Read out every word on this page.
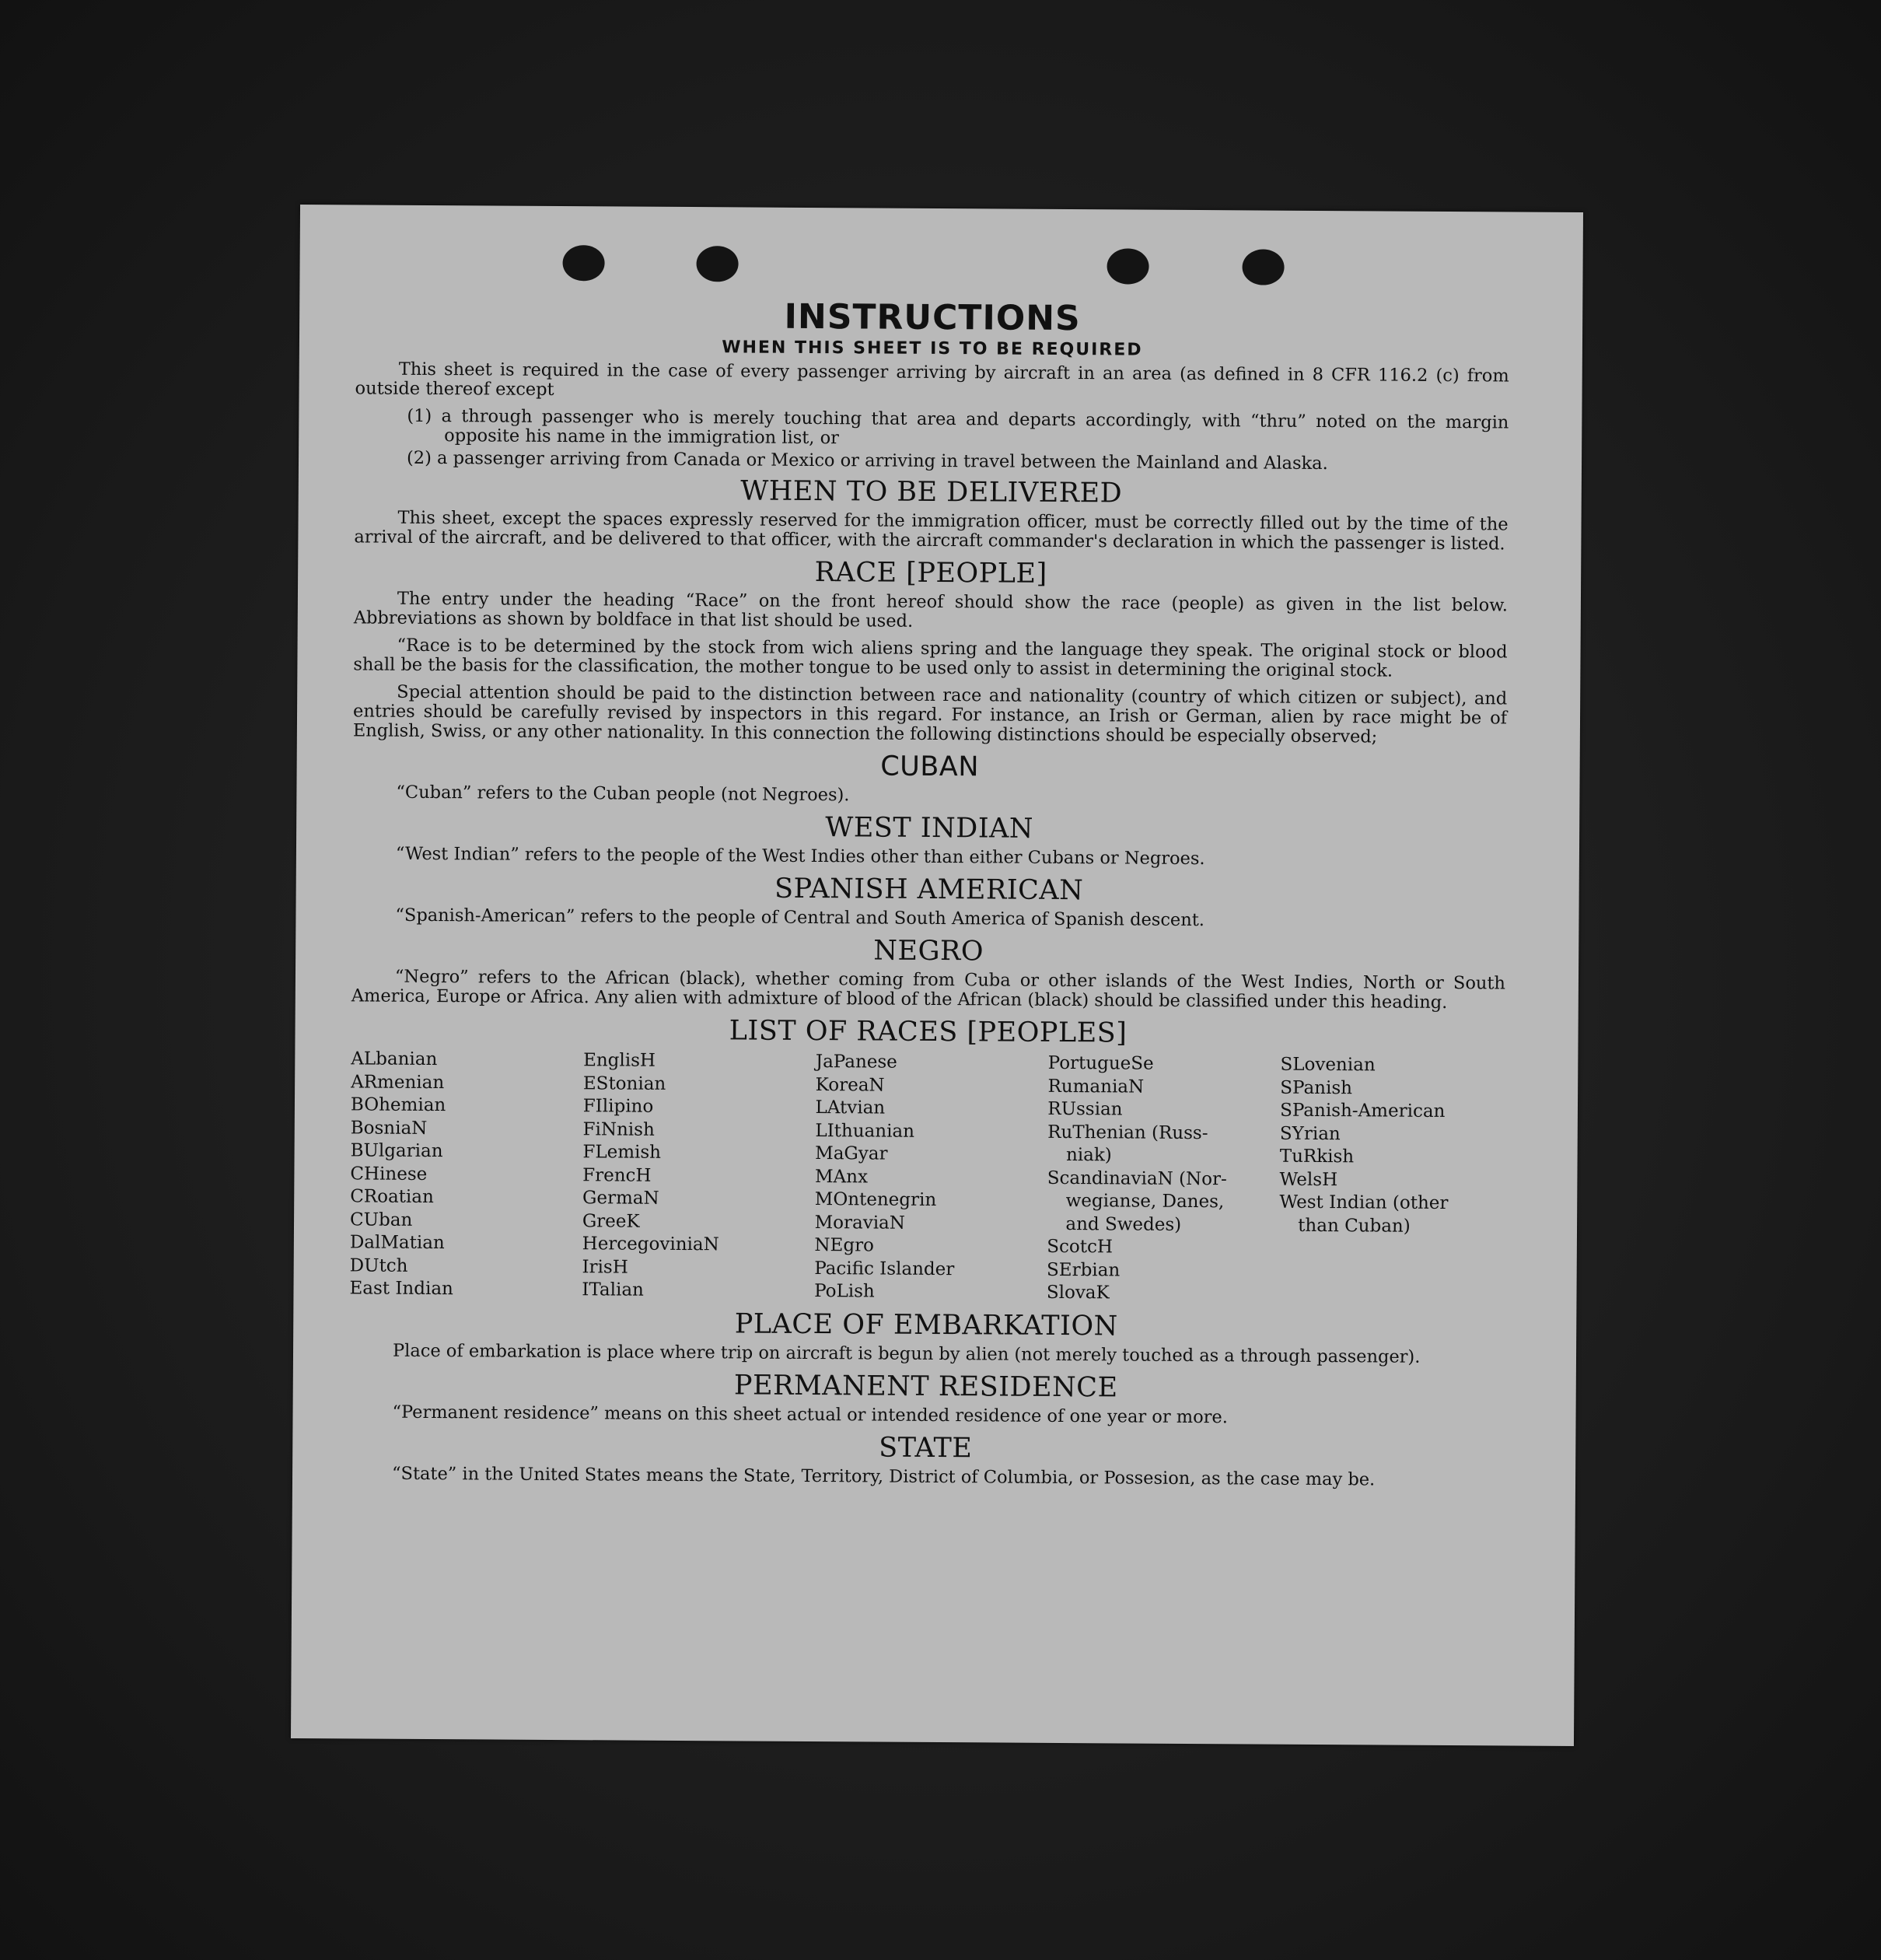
INSTRUCTIONS
WHEN THIS SHEET IS TO BE REQUIRED

This sheet is required in the case of every passenger arriving by aircraft in an area (as defined in 8 CFR 116.2 (c) from outside thereof except

(1) a through passenger who is merely touching that area and departs accordingly, with “thru” noted on the margin opposite his name in the immigration list, or
(2) a passenger arriving from Canada or Mexico or arriving in travel between the Mainland and Alaska.
WHEN TO BE DELIVERED

This sheet, except the spaces expressly reserved for the immigration officer, must be correctly filled out by the time of the arrival of the aircraft, and be delivered to that officer, with the aircraft commander's declaration in which the passenger is listed.

RACE [PEOPLE]

The entry under the heading “Race” on the front hereof should show the race (people) as given in the list below. Abbreviations as shown by boldface in that list should be used.

“Race is to be determined by the stock from wich aliens spring and the language they speak. The original stock or blood shall be the basis for the classification, the mother tongue to be used only to assist in determining the original stock.

Special attention should be paid to the distinction between race and nationality (country of which citizen or subject), and entries should be carefully revised by inspectors in this regard. For instance, an Irish or German, alien by race might be of English, Swiss, or any other nationality. In this connection the following distinctions should be especially observed;

CUBAN

“Cuban” refers to the Cuban people (not Negroes).

WEST INDIAN

“West Indian” refers to the people of the West Indies other than either Cubans or Negroes.

SPANISH AMERICAN

“Spanish-American” refers to the people of Central and South America of Spanish descent.

NEGRO

“Negro” refers to the African (black), whether coming from Cuba or other islands of the West Indies, North or South America, Europe or Africa. Any alien with admixture of blood of the African (black) should be classified under this heading.

LIST OF RACES [PEOPLES]
ALbanian
ARmenian
BOhemian
BosniaN
BUlgarian
CHinese
CRoatian
CUban
DalMatian
DUtch
East Indian
EnglisH
EStonian
FIlipino
FiNnish
FLemish
FrencH
GermaN
GreeK
HercegoviniaN
IrisH
ITalian
JaPanese
KoreaN
LAtvian
LIthuanian
MaGyar
MAnx
MOntenegrin
MoraviaN
NEgro
Pacific Islander
PoLish
PortugueSe
RumaniaN
RUssian
RuThenian (Russ-
niak)
ScandinaviaN (Nor-
wegianse, Danes,
and Swedes)
ScotcH
SErbian
SlovaK
SLovenian
SPanish
SPanish-American
SYrian
TuRkish
WelsH
West Indian (other
than Cuban)
PLACE OF EMBARKATION

Place of embarkation is place where trip on aircraft is begun by alien (not merely touched as a through passenger).

PERMANENT RESIDENCE

“Permanent residence” means on this sheet actual or intended residence of one year or more.

STATE

“State” in the United States means the State, Territory, District of Columbia, or Possesion, as the case may be.
